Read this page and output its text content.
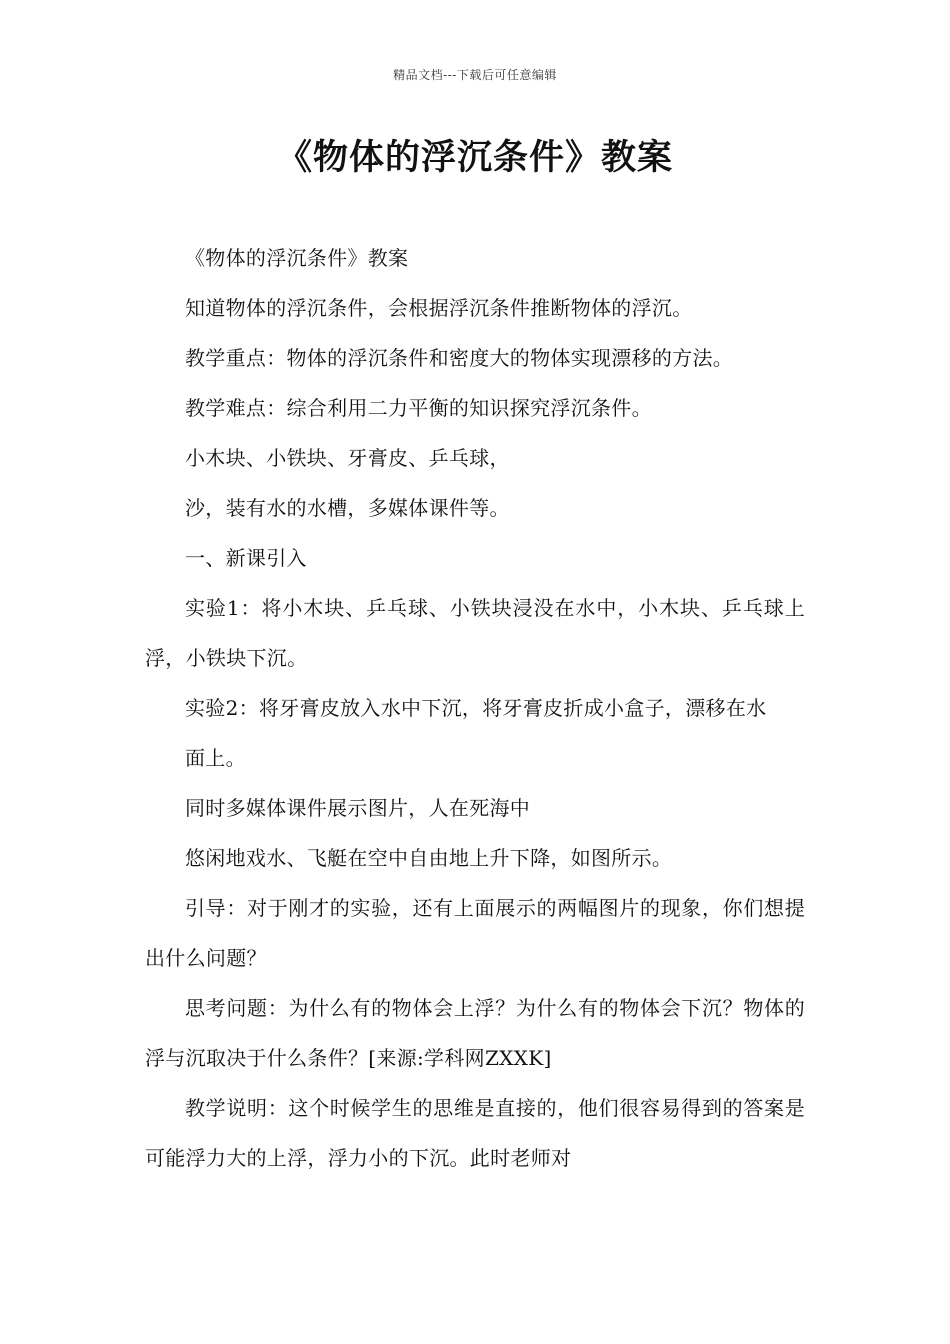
精品文档---下载后可任意编辑
《物体的浮沉条件》教案

《物体的浮沉条件》教案

知道物体的浮沉条件，会根据浮沉条件推断物体的浮沉。

教学重点：物体的浮沉条件和密度大的物体实现漂移的方法。

教学难点：综合利用二力平衡的知识探究浮沉条件。

小木块、小铁块、牙膏皮、乒乓球，

沙，装有水的水槽，多媒体课件等。

一、新课引入

实验1：将小木块、乒乓球、小铁块浸没在水中，小木块、乒乓球上浮，小铁块下沉。

实验2：将牙膏皮放入水中下沉，将牙膏皮折成小盒子，漂移在水

面上。

同时多媒体课件展示图片，人在死海中

悠闲地戏水、飞艇在空中自由地上升下降，如图所示。

引导：对于刚才的实验，还有上面展示的两幅图片的现象，你们想提出什么问题？

思考问题：为什么有的物体会上浮？为什么有的物体会下沉？物体的浮与沉取决于什么条件？[来源:学科网ZXXK]

教学说明：这个时候学生的思维是直接的，他们很容易得到的答案是可能浮力大的上浮，浮力小的下沉。此时老师对
